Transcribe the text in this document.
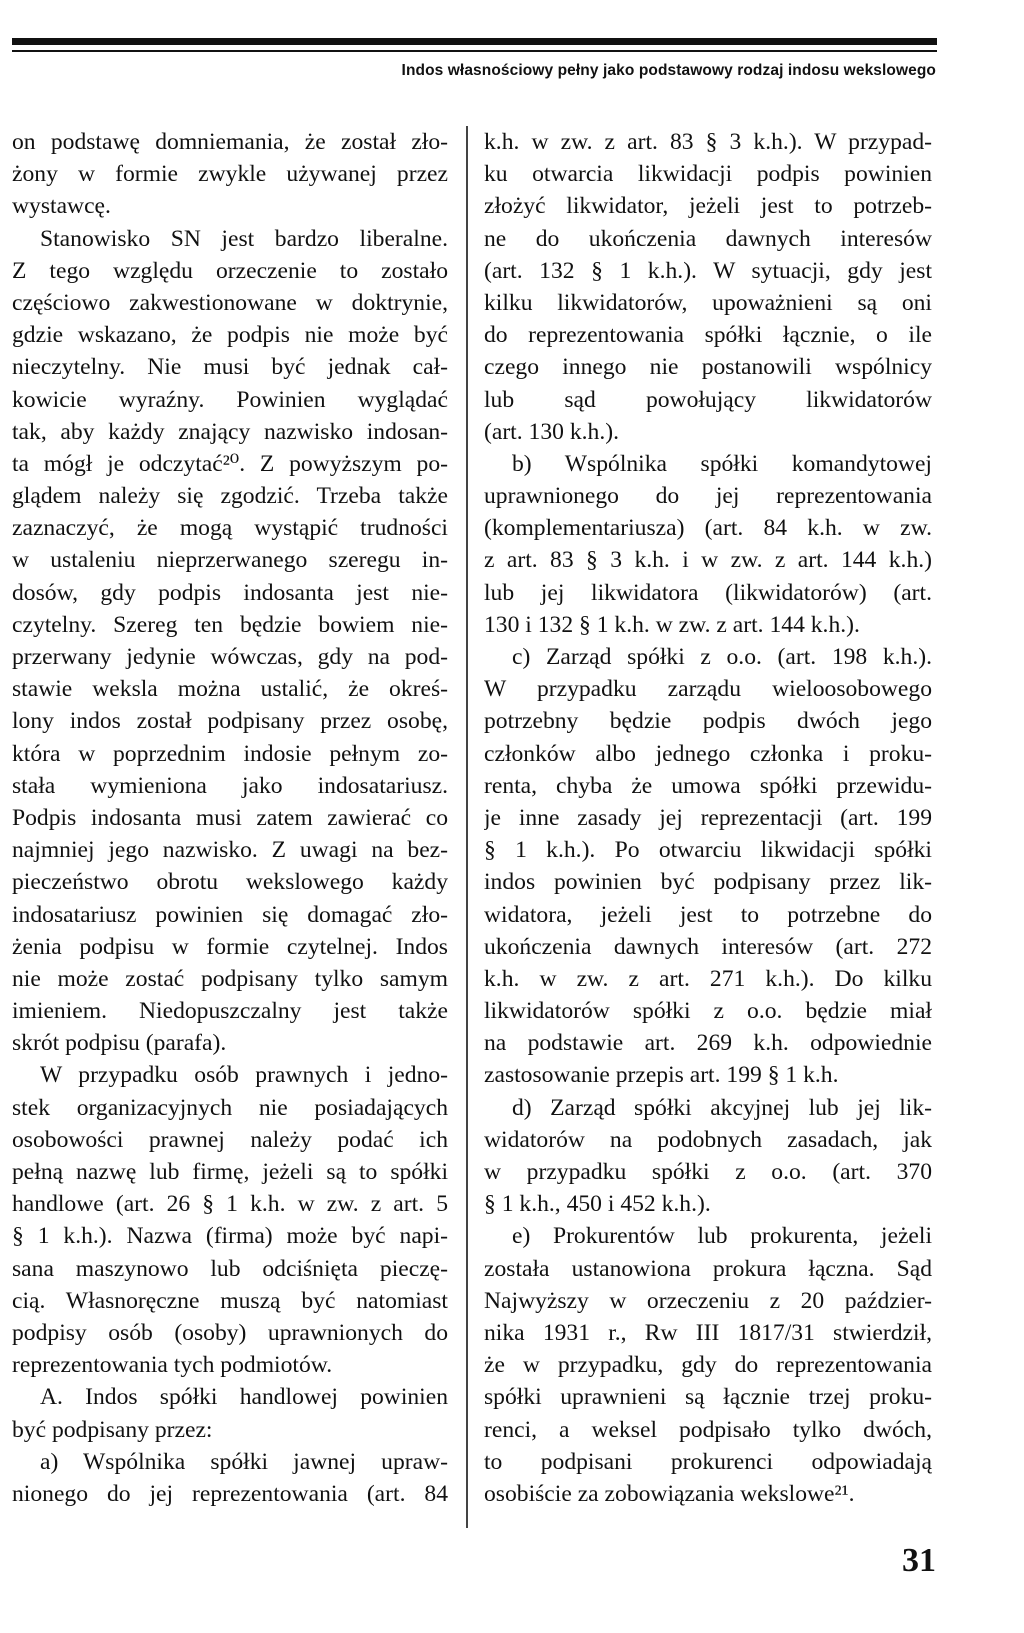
Indos własnościowy pełny jako podstawowy rodzaj indosu wekslowego
on podstawę domniemania, że został zło-
żony w formie zwykle używanej przez
wystawcę.
Stanowisko SN jest bardzo liberalne.
Z tego względu orzeczenie to zostało
częściowo zakwestionowane w doktrynie,
gdzie wskazano, że podpis nie może być
nieczytelny. Nie musi być jednak cał-
kowicie wyraźny. Powinien wyglądać
tak, aby każdy znający nazwisko indosan-
ta mógł je odczytać²⁰. Z powyższym po-
glądem należy się zgodzić. Trzeba także
zaznaczyć, że mogą wystąpić trudności
w ustaleniu nieprzerwanego szeregu in-
dosów, gdy podpis indosanta jest nie-
czytelny. Szereg ten będzie bowiem nie-
przerwany jedynie wówczas, gdy na pod-
stawie weksla można ustalić, że okreś-
lony indos został podpisany przez osobę,
która w poprzednim indosie pełnym zo-
stała wymieniona jako indosatariusz.
Podpis indosanta musi zatem zawierać co
najmniej jego nazwisko. Z uwagi na bez-
pieczeństwo obrotu wekslowego każdy
indosatariusz powinien się domagać zło-
żenia podpisu w formie czytelnej. Indos
nie może zostać podpisany tylko samym
imieniem. Niedopuszczalny jest także
skrót podpisu (parafa).
W przypadku osób prawnych i jedno-
stek organizacyjnych nie posiadających
osobowości prawnej należy podać ich
pełną nazwę lub firmę, jeżeli są to spółki
handlowe (art. 26 § 1 k.h. w zw. z art. 5
§ 1 k.h.). Nazwa (firma) może być napi-
sana maszynowo lub odciśnięta pieczę-
cią. Własnoręczne muszą być natomiast
podpisy osób (osoby) uprawnionych do
reprezentowania tych podmiotów.
A. Indos spółki handlowej powinien
być podpisany przez:
a) Wspólnika spółki jawnej upraw-
nionego do jej reprezentowania (art. 84
k.h. w zw. z art. 83 § 3 k.h.). W przypad-
ku otwarcia likwidacji podpis powinien
złożyć likwidator, jeżeli jest to potrzeb-
ne do ukończenia dawnych interesów
(art. 132 § 1 k.h.). W sytuacji, gdy jest
kilku likwidatorów, upoważnieni są oni
do reprezentowania spółki łącznie, o ile
czego innego nie postanowili wspólnicy
lub sąd powołujący likwidatorów
(art. 130 k.h.).
b) Wspólnika spółki komandytowej
uprawnionego do jej reprezentowania
(komplementariusza) (art. 84 k.h. w zw.
z art. 83 § 3 k.h. i w zw. z art. 144 k.h.)
lub jej likwidatora (likwidatorów) (art.
130 i 132 § 1 k.h. w zw. z art. 144 k.h.).
c) Zarząd spółki z o.o. (art. 198 k.h.).
W przypadku zarządu wieloosobowego
potrzebny będzie podpis dwóch jego
członków albo jednego członka i proku-
renta, chyba że umowa spółki przewidu-
je inne zasady jej reprezentacji (art. 199
§ 1 k.h.). Po otwarciu likwidacji spółki
indos powinien być podpisany przez lik-
widatora, jeżeli jest to potrzebne do
ukończenia dawnych interesów (art. 272
k.h. w zw. z art. 271 k.h.). Do kilku
likwidatorów spółki z o.o. będzie miał
na podstawie art. 269 k.h. odpowiednie
zastosowanie przepis art. 199 § 1 k.h.
d) Zarząd spółki akcyjnej lub jej lik-
widatorów na podobnych zasadach, jak
w przypadku spółki z o.o. (art. 370
§ 1 k.h., 450 i 452 k.h.).
e) Prokurentów lub prokurenta, jeżeli
została ustanowiona prokura łączna. Sąd
Najwyższy w orzeczeniu z 20 paździer-
nika 1931 r., Rw III 1817/31 stwierdził,
że w przypadku, gdy do reprezentowania
spółki uprawnieni są łącznie trzej proku-
renci, a weksel podpisało tylko dwóch,
to podpisani prokurenci odpowiadają
osobiście za zobowiązania wekslowe²¹.
31
